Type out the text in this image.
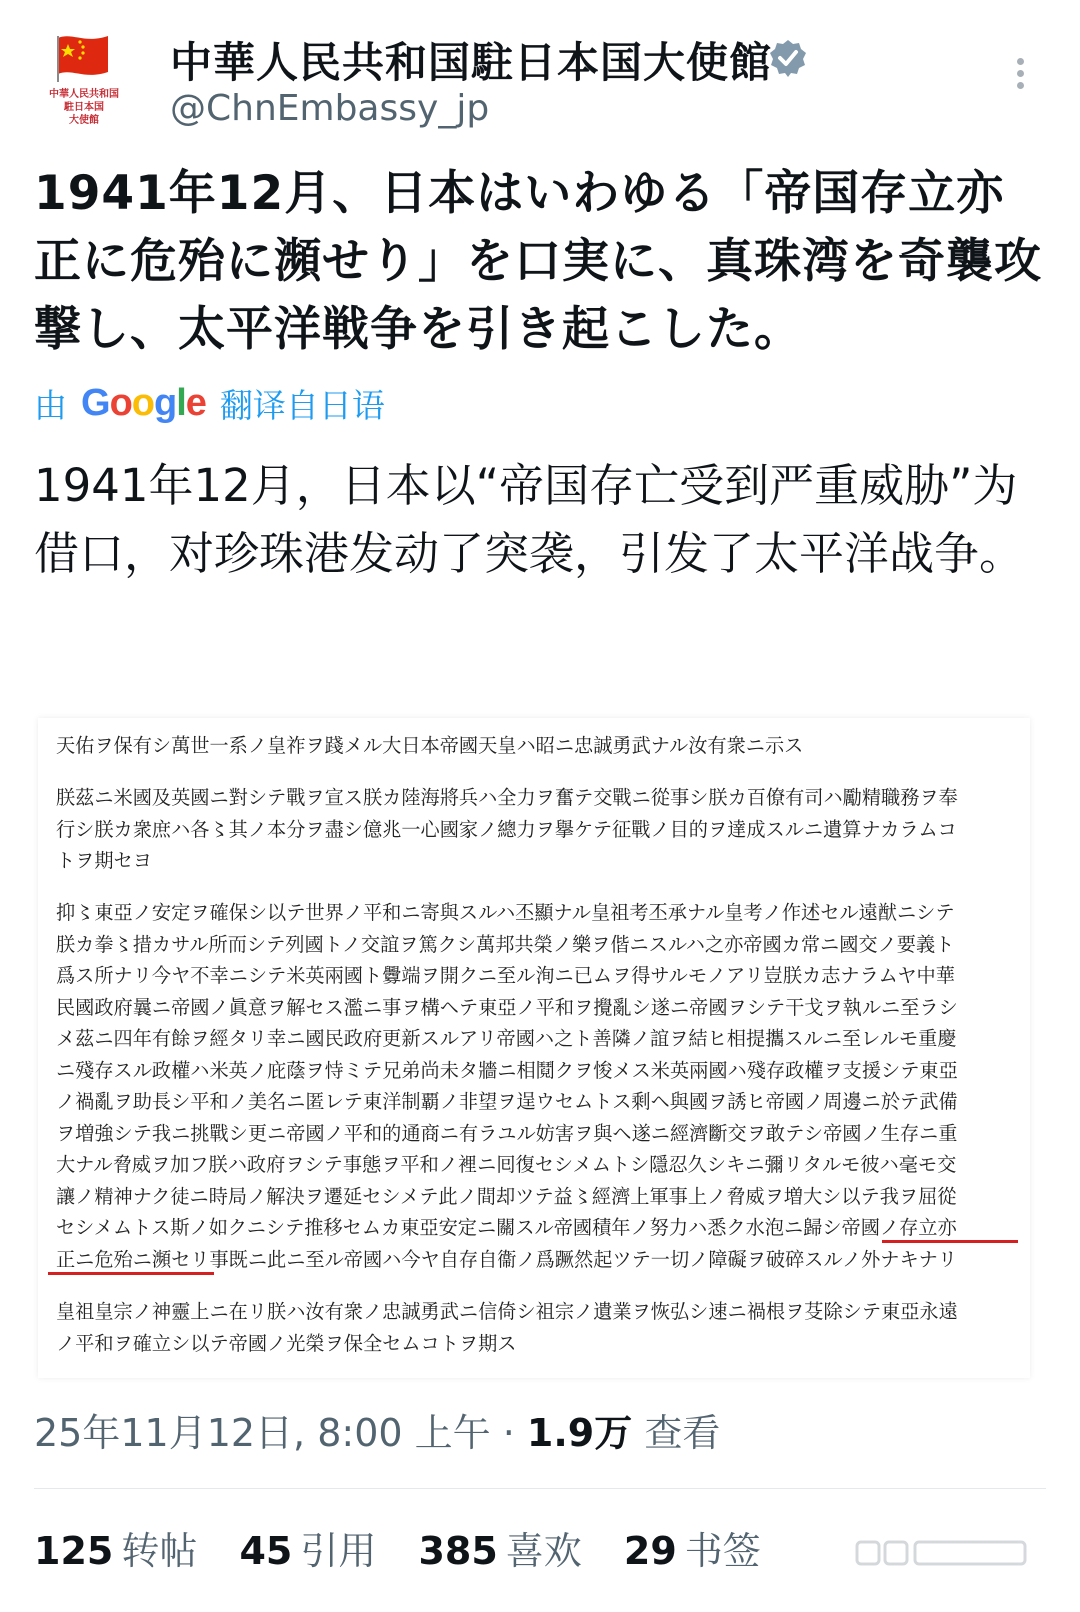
中華人民共和国
駐日本国
大使館
中華人民共和国駐日本国大使館
@ChnEmbassy_jp
1941年12月、日本はいわゆる「帝国存立亦正に危殆に瀕せり」を口実に、真珠湾を奇襲攻撃し、太平洋戦争を引き起こした。
由 Google 翻译自日语
1941年12月，日本以“帝国存亡受到严重威胁”为借口，对珍珠港发动了突袭，引发了太平洋战争。

天佑ヲ保有シ萬世一系ノ皇祚ヲ踐メル大日本帝國天皇ハ昭ニ忠誠勇武ナル汝有衆ニ示ス

朕茲ニ米國及英國ニ對シテ戰ヲ宣ス朕カ陸海將兵ハ全力ヲ奮テ交戰ニ從事シ朕カ百僚有司ハ勵精職務ヲ奉

行シ朕カ衆庶ハ各〻其ノ本分ヲ盡シ億兆一心國家ノ總力ヲ擧ケテ征戰ノ目的ヲ達成スルニ遺算ナカラムコ

トヲ期セヨ

抑〻東亞ノ安定ヲ確保シ以テ世界ノ平和ニ寄與スルハ丕顯ナル皇祖考丕承ナル皇考ノ作述セル遠猷ニシテ

朕カ拳〻措カサル所而シテ列國トノ交誼ヲ篤クシ萬邦共榮ノ樂ヲ偕ニスルハ之亦帝國カ常ニ國交ノ要義ト

爲ス所ナリ今ヤ不幸ニシテ米英兩國ト釁端ヲ開クニ至ル洵ニ已ムヲ得サルモノアリ豈朕カ志ナラムヤ中華

民國政府曩ニ帝國ノ眞意ヲ解セス濫ニ事ヲ構ヘテ東亞ノ平和ヲ攪亂シ遂ニ帝國ヲシテ干戈ヲ執ルニ至ラシ

メ茲ニ四年有餘ヲ經タリ幸ニ國民政府更新スルアリ帝國ハ之ト善隣ノ誼ヲ結ヒ相提攜スルニ至レルモ重慶

ニ殘存スル政權ハ米英ノ庇蔭ヲ恃ミテ兄弟尚未タ牆ニ相鬩クヲ悛メス米英兩國ハ殘存政權ヲ支援シテ東亞

ノ禍亂ヲ助長シ平和ノ美名ニ匿レテ東洋制覇ノ非望ヲ逞ウセムトス剩ヘ與國ヲ誘ヒ帝國ノ周邊ニ於テ武備

ヲ増強シテ我ニ挑戰シ更ニ帝國ノ平和的通商ニ有ラユル妨害ヲ與ヘ遂ニ經濟斷交ヲ敢テシ帝國ノ生存ニ重

大ナル脅威ヲ加フ朕ハ政府ヲシテ事態ヲ平和ノ裡ニ囘復セシメムトシ隱忍久シキニ彌リタルモ彼ハ毫モ交

讓ノ精神ナク徒ニ時局ノ解決ヲ遷延セシメテ此ノ間却ツテ益〻經濟上軍事上ノ脅威ヲ増大シ以テ我ヲ屈從

セシメムトス斯ノ如クニシテ推移セムカ東亞安定ニ關スル帝國積年ノ努力ハ悉ク水泡ニ歸シ帝國ノ存立亦

正ニ危殆ニ瀕セリ事既ニ此ニ至ル帝國ハ今ヤ自存自衞ノ爲蹶然起ツテ一切ノ障礙ヲ破碎スルノ外ナキナリ

皇祖皇宗ノ神靈上ニ在リ朕ハ汝有衆ノ忠誠勇武ニ信倚シ祖宗ノ遺業ヲ恢弘シ速ニ禍根ヲ芟除シテ東亞永遠

ノ平和ヲ確立シ以テ帝國ノ光榮ヲ保全セムコトヲ期ス

25年11月12日, 8:00 上午 · 1.9万 查看
125 转帖 45 引用 385 喜欢 29 书签
